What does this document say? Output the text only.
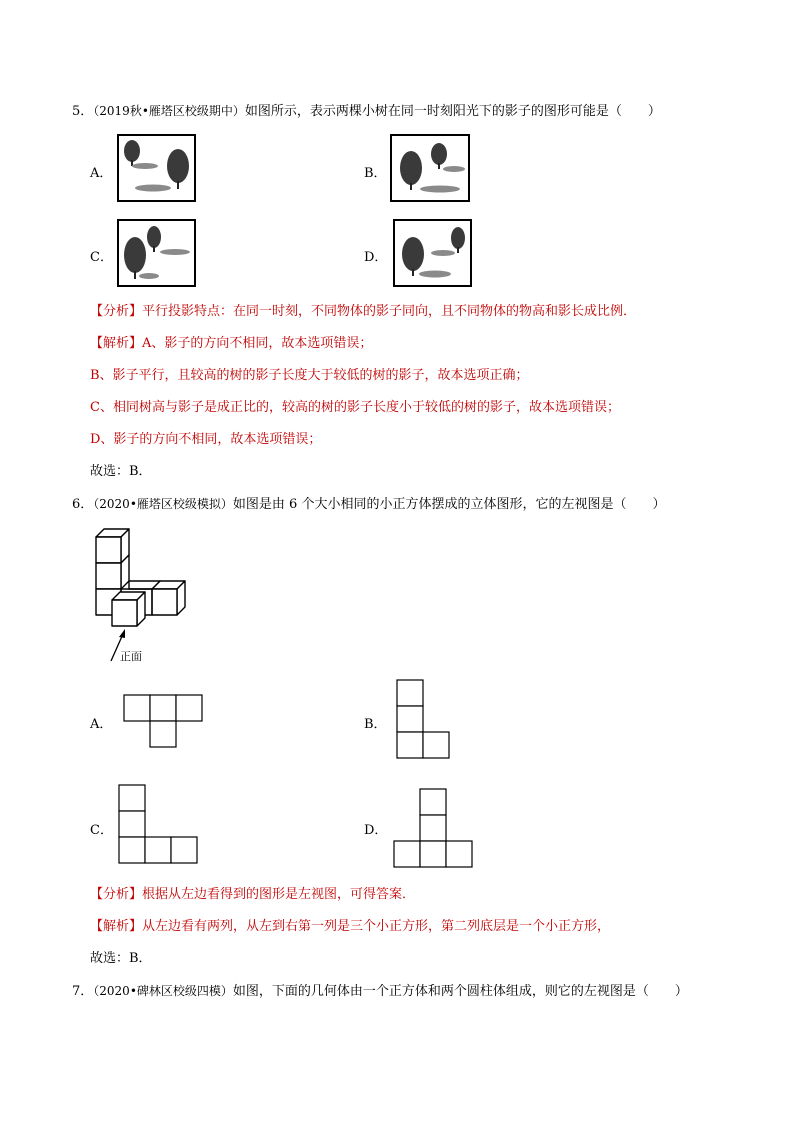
5．（2019秋•雁塔区校级期中）如图所示，表示两棵小树在同一时刻阳光下的影子的图形可能是（　　）
A．	B．
C．	D．
【分析】平行投影特点：在同一时刻，不同物体的影子同向，且不同物体的物高和影长成比例．
【解析】A、影子的方向不相同，故本选项错误；
B、影子平行，且较高的树的影子长度大于较低的树的影子，故本选项正确；
C、相同树高与影子是成正比的，较高的树的影子长度小于较低的树的影子，故本选项错误；
D、影子的方向不相同，故本选项错误；
故选：B．
6．（2020•雁塔区校级模拟）如图是由 6 个大小相同的小正方体摆成的立体图形，它的左视图是（　　）
正面
A．	B．
C．	D．
【分析】根据从左边看得到的图形是左视图，可得答案．
【解析】从左边看有两列，从左到右第一列是三个小正方形，第二列底层是一个小正方形，
故选：B．
7．（2020•碑林区校级四模）如图，下面的几何体由一个正方体和两个圆柱体组成，则它的左视图是（　　）
